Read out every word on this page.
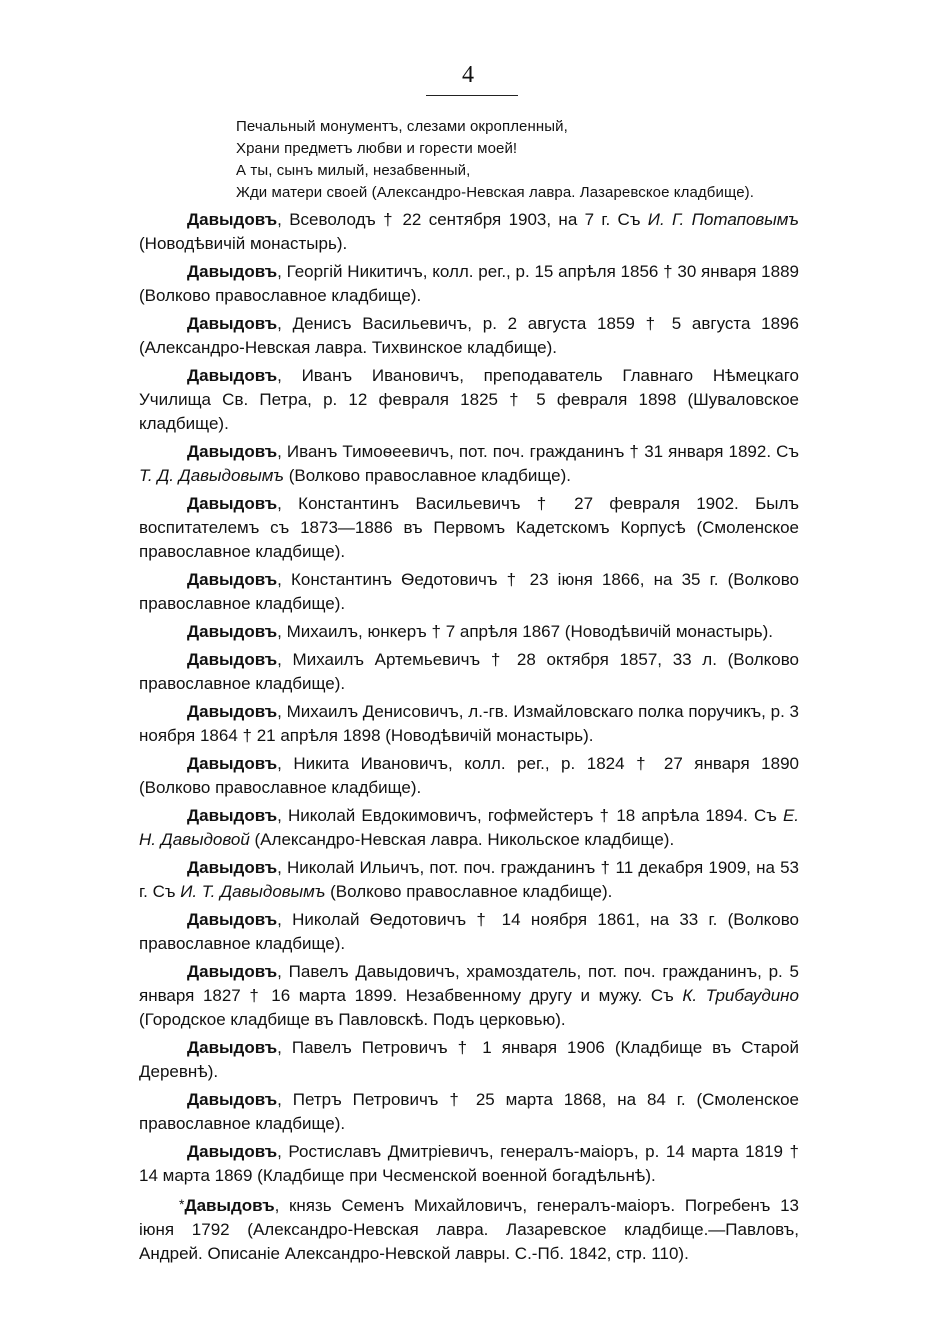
4
Печальный монументъ, слезами окропленный,
Храни предметъ любви и горести моей!
А ты, сынъ милый, незабвенный,
Жди матери своей (Александро-Невская лавра. Лазаревское кладбище).

Давыдовъ, Всеволодъ † 22 сентября 1903, на 7 г. Съ И. Г. Потаповымъ (Новодѣвичій монастырь).

Давыдовъ, Георгій Никитичъ, колл. рег., р. 15 апрѣля 1856 † 30 января 1889 (Волково православное кладбище).

Давыдовъ, Денисъ Васильевичъ, р. 2 августа 1859 † 5 августа 1896 (Александро-Невская лавра. Тихвинское кладбище).

Давыдовъ, Иванъ Ивановичъ, преподаватель Главнаго Нѣмецкаго Училища Св. Петра, р. 12 февраля 1825 † 5 февраля 1898 (Шуваловское кладбище).

Давыдовъ, Иванъ Тимоѳеевичъ, пот. поч. гражданинъ † 31 января 1892. Съ Т. Д. Давыдовымъ (Волково православное кладбище).

Давыдовъ, Константинъ Васильевичъ † 27 февраля 1902. Былъ воспитателемъ съ 1873—1886 въ Первомъ Кадетскомъ Корпусѣ (Смоленское православное кладбище).

Давыдовъ, Константинъ Ѳедотовичъ † 23 іюня 1866, на 35 г. (Волково православное кладбище).

Давыдовъ, Михаилъ, юнкеръ † 7 апрѣля 1867 (Новодѣвичій монастырь).

Давыдовъ, Михаилъ Артемьевичъ † 28 октября 1857, 33 л. (Волково православное кладбище).

Давыдовъ, Михаилъ Денисовичъ, л.-гв. Измайловскаго полка поручикъ, р. 3 ноября 1864 † 21 апрѣля 1898 (Новодѣвичій монастырь).

Давыдовъ, Никита Ивановичъ, колл. рег., р. 1824 † 27 января 1890 (Волково православное кладбище).

Давыдовъ, Николай Евдокимовичъ, гофмейстеръ † 18 апрѣла 1894. Съ Е. Н. Давыдовой (Александро-Невская лавра. Никольское кладбище).

Давыдовъ, Николай Ильичъ, пот. поч. гражданинъ † 11 декабря 1909, на 53 г. Съ И. Т. Давыдовымъ (Волково православное кладбище).

Давыдовъ, Николай Ѳедотовичъ † 14 ноября 1861, на 33 г. (Волково православное кладбище).

Давыдовъ, Павелъ Давыдовичъ, храмоздатель, пот. поч. гражданинъ, р. 5 января 1827 † 16 марта 1899. Незабвенному другу и мужу. Съ К. Трибаудино (Городское кладбище въ Павловскѣ. Подъ церковью).

Давыдовъ, Павелъ Петровичъ † 1 января 1906 (Кладбище въ Старой Деревнѣ).

Давыдовъ, Петръ Петровичъ † 25 марта 1868, на 84 г. (Смоленское православное кладбище).

Давыдовъ, Ростиславъ Дмитріевичъ, генералъ-маіоръ, р. 14 марта 1819 † 14 марта 1869 (Кладбище при Чесменской военной богадѣльнѣ).

*Давыдовъ, князь Семенъ Михайловичъ, генералъ-маіоръ. Погребенъ 13 іюня 1792 (Александро-Невская лавра. Лазаревское кладбище.—Павловъ, Андрей. Описаніе Александро-Невской лавры. С.-Пб. 1842, стр. 110).
